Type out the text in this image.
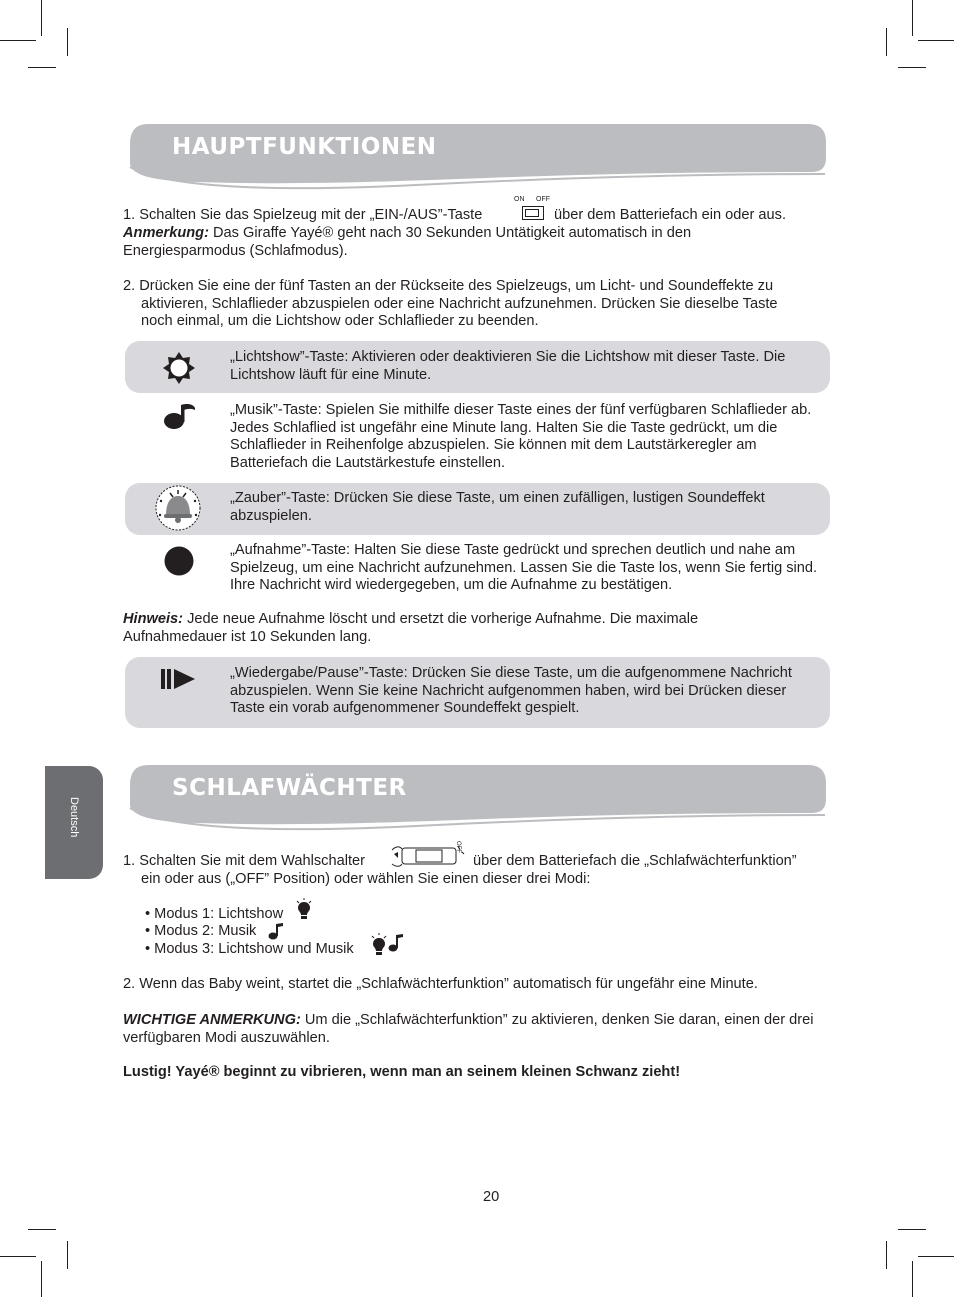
HAUPTFUNKTIONEN
1. Schalten Sie das Spielzeug mit der „EIN-/AUS”-Taste
ON OFF
über dem Batteriefach ein oder aus.
Anmerkung: Das Giraffe Yayé® geht nach 30 Sekunden Untätigkeit automatisch in den
Energiesparmodus (Schlafmodus).
2. Drücken Sie eine der fünf Tasten an der Rückseite des Spielzeugs, um Licht- und Soundeffekte zu
aktivieren, Schlaflieder abzuspielen oder eine Nachricht aufzunehmen. Drücken Sie dieselbe Taste
noch einmal, um die Lichtshow oder Schlaflieder zu beenden.
„Lichtshow”-Taste: Aktivieren oder deaktivieren Sie die Lichtshow mit dieser Taste. Die Lichtshow läuft für eine Minute.
„Musik”-Taste: Spielen Sie mithilfe dieser Taste eines der fünf verfügbaren Schlaflieder ab. Jedes Schlaflied ist ungefähr eine Minute lang. Halten Sie die Taste gedrückt, um die Schlaflieder in Reihenfolge abzuspielen. Sie können mit dem Lautstärkeregler am Batteriefach die Lautstärkestufe einstellen.
„Zauber”-Taste: Drücken Sie diese Taste, um einen zufälligen, lustigen Soundeffekt abzuspielen.
„Aufnahme”-Taste: Halten Sie diese Taste gedrückt und sprechen deutlich und nahe am Spielzeug, um eine Nachricht aufzunehmen. Lassen Sie die Taste los, wenn Sie fertig sind. Ihre Nachricht wird wiedergegeben, um die Aufnahme zu bestätigen.
Hinweis: Jede neue Aufnahme löscht und ersetzt die vorherige Aufnahme. Die maximale Aufnahmedauer ist 10 Sekunden lang.
„Wiedergabe/Pause”-Taste: Drücken Sie diese Taste, um die aufgenommene Nachricht abzuspielen. Wenn Sie keine Nachricht aufgenommen haben, wird bei Drücken dieser Taste ein vorab aufgenommener Soundeffekt gespielt.
SCHLAFWÄCHTER
Deutsch
1. Schalten Sie mit dem Wahlschalter
OFF
über dem Batteriefach die „Schlafwächterfunktion”
ein oder aus („OFF” Position) oder wählen Sie einen dieser drei Modi:
• Modus 1: Lichtshow
• Modus 2: Musik
• Modus 3: Lichtshow und Musik
2. Wenn das Baby weint, startet die „Schlafwächterfunktion” automatisch für ungefähr eine Minute.
WICHTIGE ANMERKUNG: Um die „Schlafwächterfunktion” zu aktivieren, denken Sie daran, einen der drei verfügbaren Modi auszuwählen.
Lustig! Yayé® beginnt zu vibrieren, wenn man an seinem kleinen Schwanz zieht!
20
